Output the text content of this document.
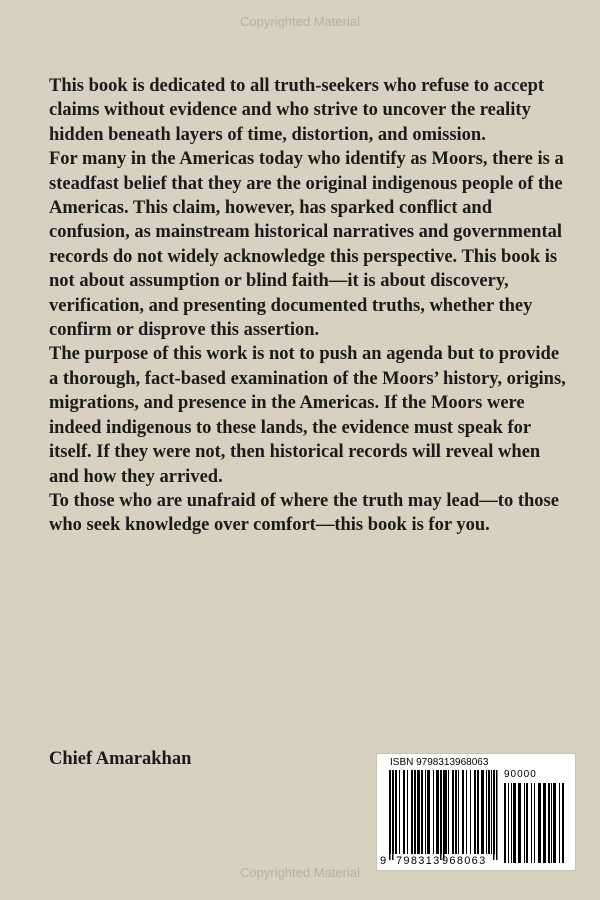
Copyrighted Material

This book is dedicated to all truth-seekers who refuse to accept claims without evidence and who strive to uncover the reality hidden beneath layers of time, distortion, and omission.

For many in the Americas today who identify as Moors, there is a steadfast belief that they are the original indigenous people of the Americas. This claim, however, has sparked conflict and confusion, as mainstream historical narratives and governmental records do not widely acknowledge this perspective. This book is not about assumption or blind faith—it is about discovery, verification, and presenting documented truths, whether they confirm or disprove this assertion.

The purpose of this work is not to push an agenda but to provide a thorough, fact-based examination of the Moors’ history, origins, migrations, and presence in the Americas. If the Moors were indeed indigenous to these lands, the evidence must speak for itself. If they were not, then historical records will reveal when and how they arrived.

To those who are unafraid of where the truth may lead—to those who seek knowledge over comfort—this book is for you.

Chief Amarakhan	ISBN 9798313968063
90000
9 798313 968063
Copyrighted Material
